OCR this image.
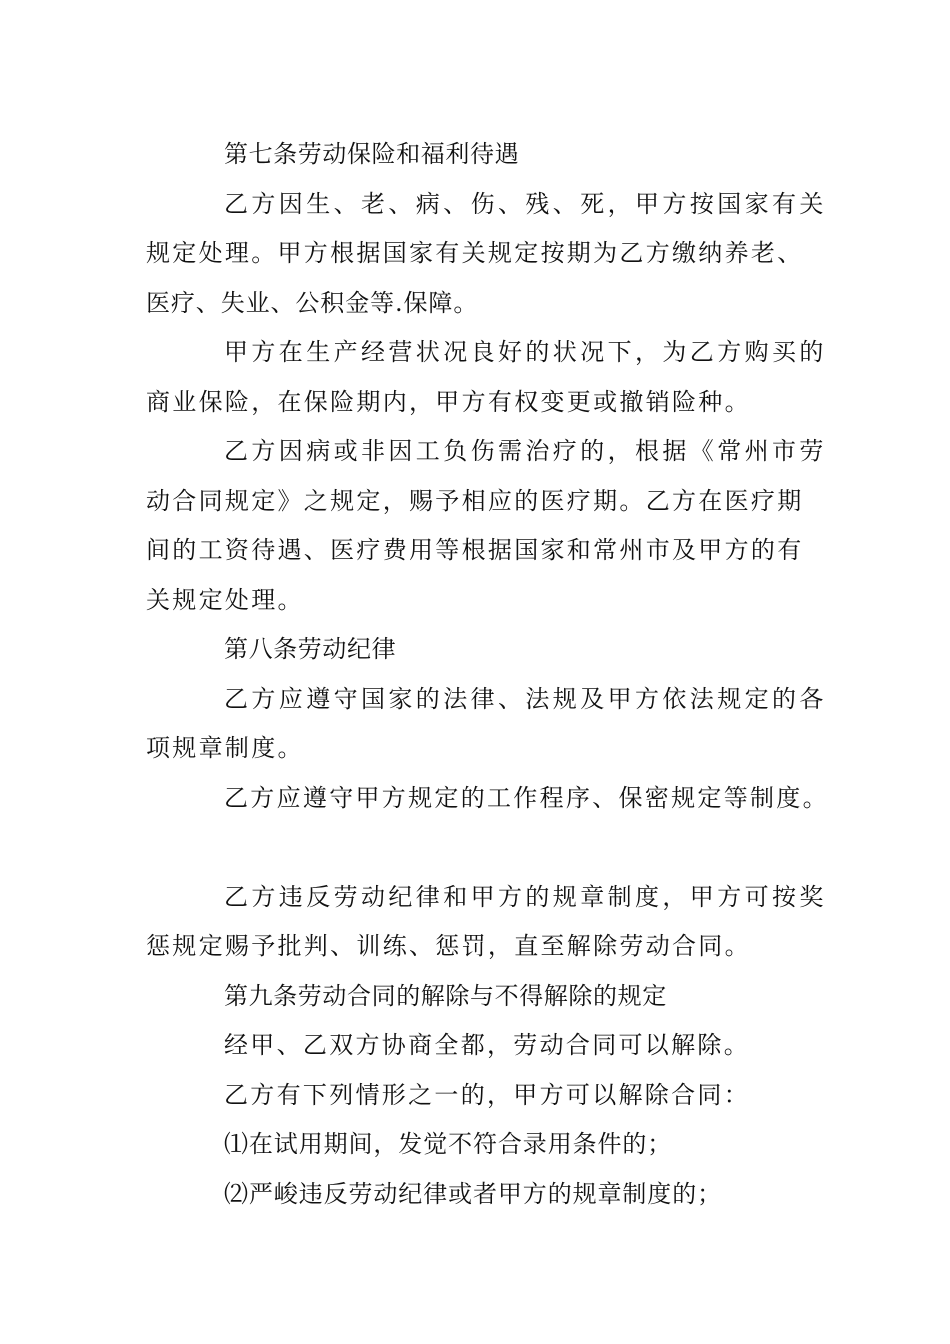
第七条劳动保险和福利待遇
乙方因生、老、病、伤、残、死，甲方按国家有关
规定处理。甲方根据国家有关规定按期为乙方缴纳养老、
医疗、失业、公积金等.保障。
甲方在生产经营状况良好的状况下，为乙方购买的
商业保险，在保险期内，甲方有权变更或撤销险种。
乙方因病或非因工负伤需治疗的，根据《常州市劳
动合同规定》之规定，赐予相应的医疗期。乙方在医疗期
间的工资待遇、医疗费用等根据国家和常州市及甲方的有
关规定处理。
第八条劳动纪律
乙方应遵守国家的法律、法规及甲方依法规定的各
项规章制度。
乙方应遵守甲方规定的工作程序、保密规定等制度。
乙方违反劳动纪律和甲方的规章制度，甲方可按奖
惩规定赐予批判、训练、惩罚，直至解除劳动合同。
第九条劳动合同的解除与不得解除的规定
经甲、乙双方协商全都，劳动合同可以解除。
乙方有下列情形之一的，甲方可以解除合同：
⑴在试用期间，发觉不符合录用条件的；
⑵严峻违反劳动纪律或者甲方的规章制度的；
